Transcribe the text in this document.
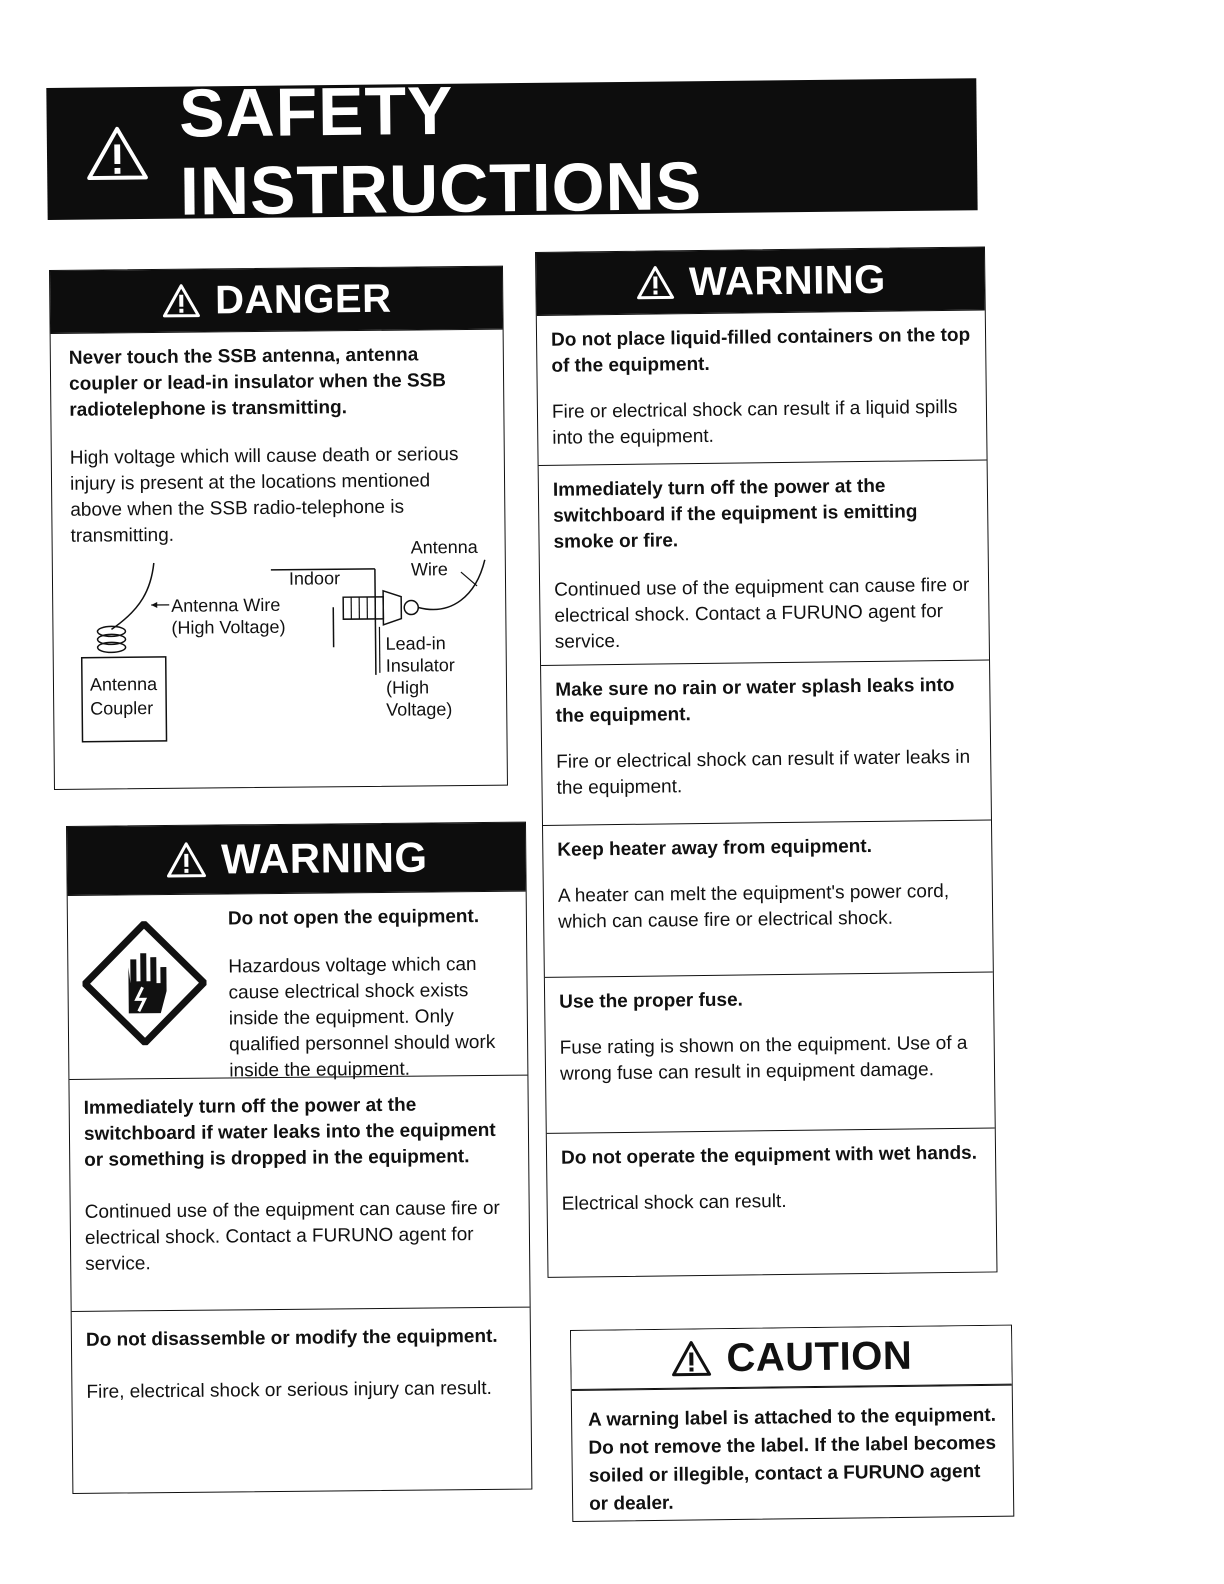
SAFETY INSTRUCTIONS
DANGER
Never touch the SSB antenna, antenna coupler or lead-in insulator when the SSB radiotelephone is transmitting.
High voltage which will cause death or serious injury is present at the locations mentioned above when the SSB radio-telephone is transmitting.
Antenna
Wire
Indoor
Antenna Wire
(High Voltage)
Lead-in
Insulator
(High
Voltage)
Antenna
Coupler
WARNING
Do not open the equipment.
Hazardous voltage which can cause electrical shock exists inside the equipment. Only qualified personnel should work inside the equipment.
Immediately turn off the power at the switchboard if water leaks into the equipment or something is dropped in the equipment.
Continued use of the equipment can cause fire or electrical shock. Contact a FURUNO agent for service.
Do not disassemble or modify the equipment.
Fire, electrical shock or serious injury can result.
WARNING
Do not place liquid-filled containers on the top of the equipment.
Fire or electrical shock can result if a liquid spills into the equipment.
Immediately turn off the power at the switchboard if the equipment is emitting smoke or fire.
Continued use of the equipment can cause fire or electrical shock. Contact a FURUNO agent for service.
Make sure no rain or water splash leaks into the equipment.
Fire or electrical shock can result if water leaks in the equipment.
Keep heater away from equipment.
A heater can melt the equipment's power cord, which can cause fire or electrical shock.
Use the proper fuse.
Fuse rating is shown on the equipment. Use of a wrong fuse can result in equipment damage.
Do not operate the equipment with wet hands.
Electrical shock can result.
CAUTION
A warning label is attached to the equipment. Do not remove the label. If the label becomes soiled or illegible, contact a FURUNO agent or dealer.
